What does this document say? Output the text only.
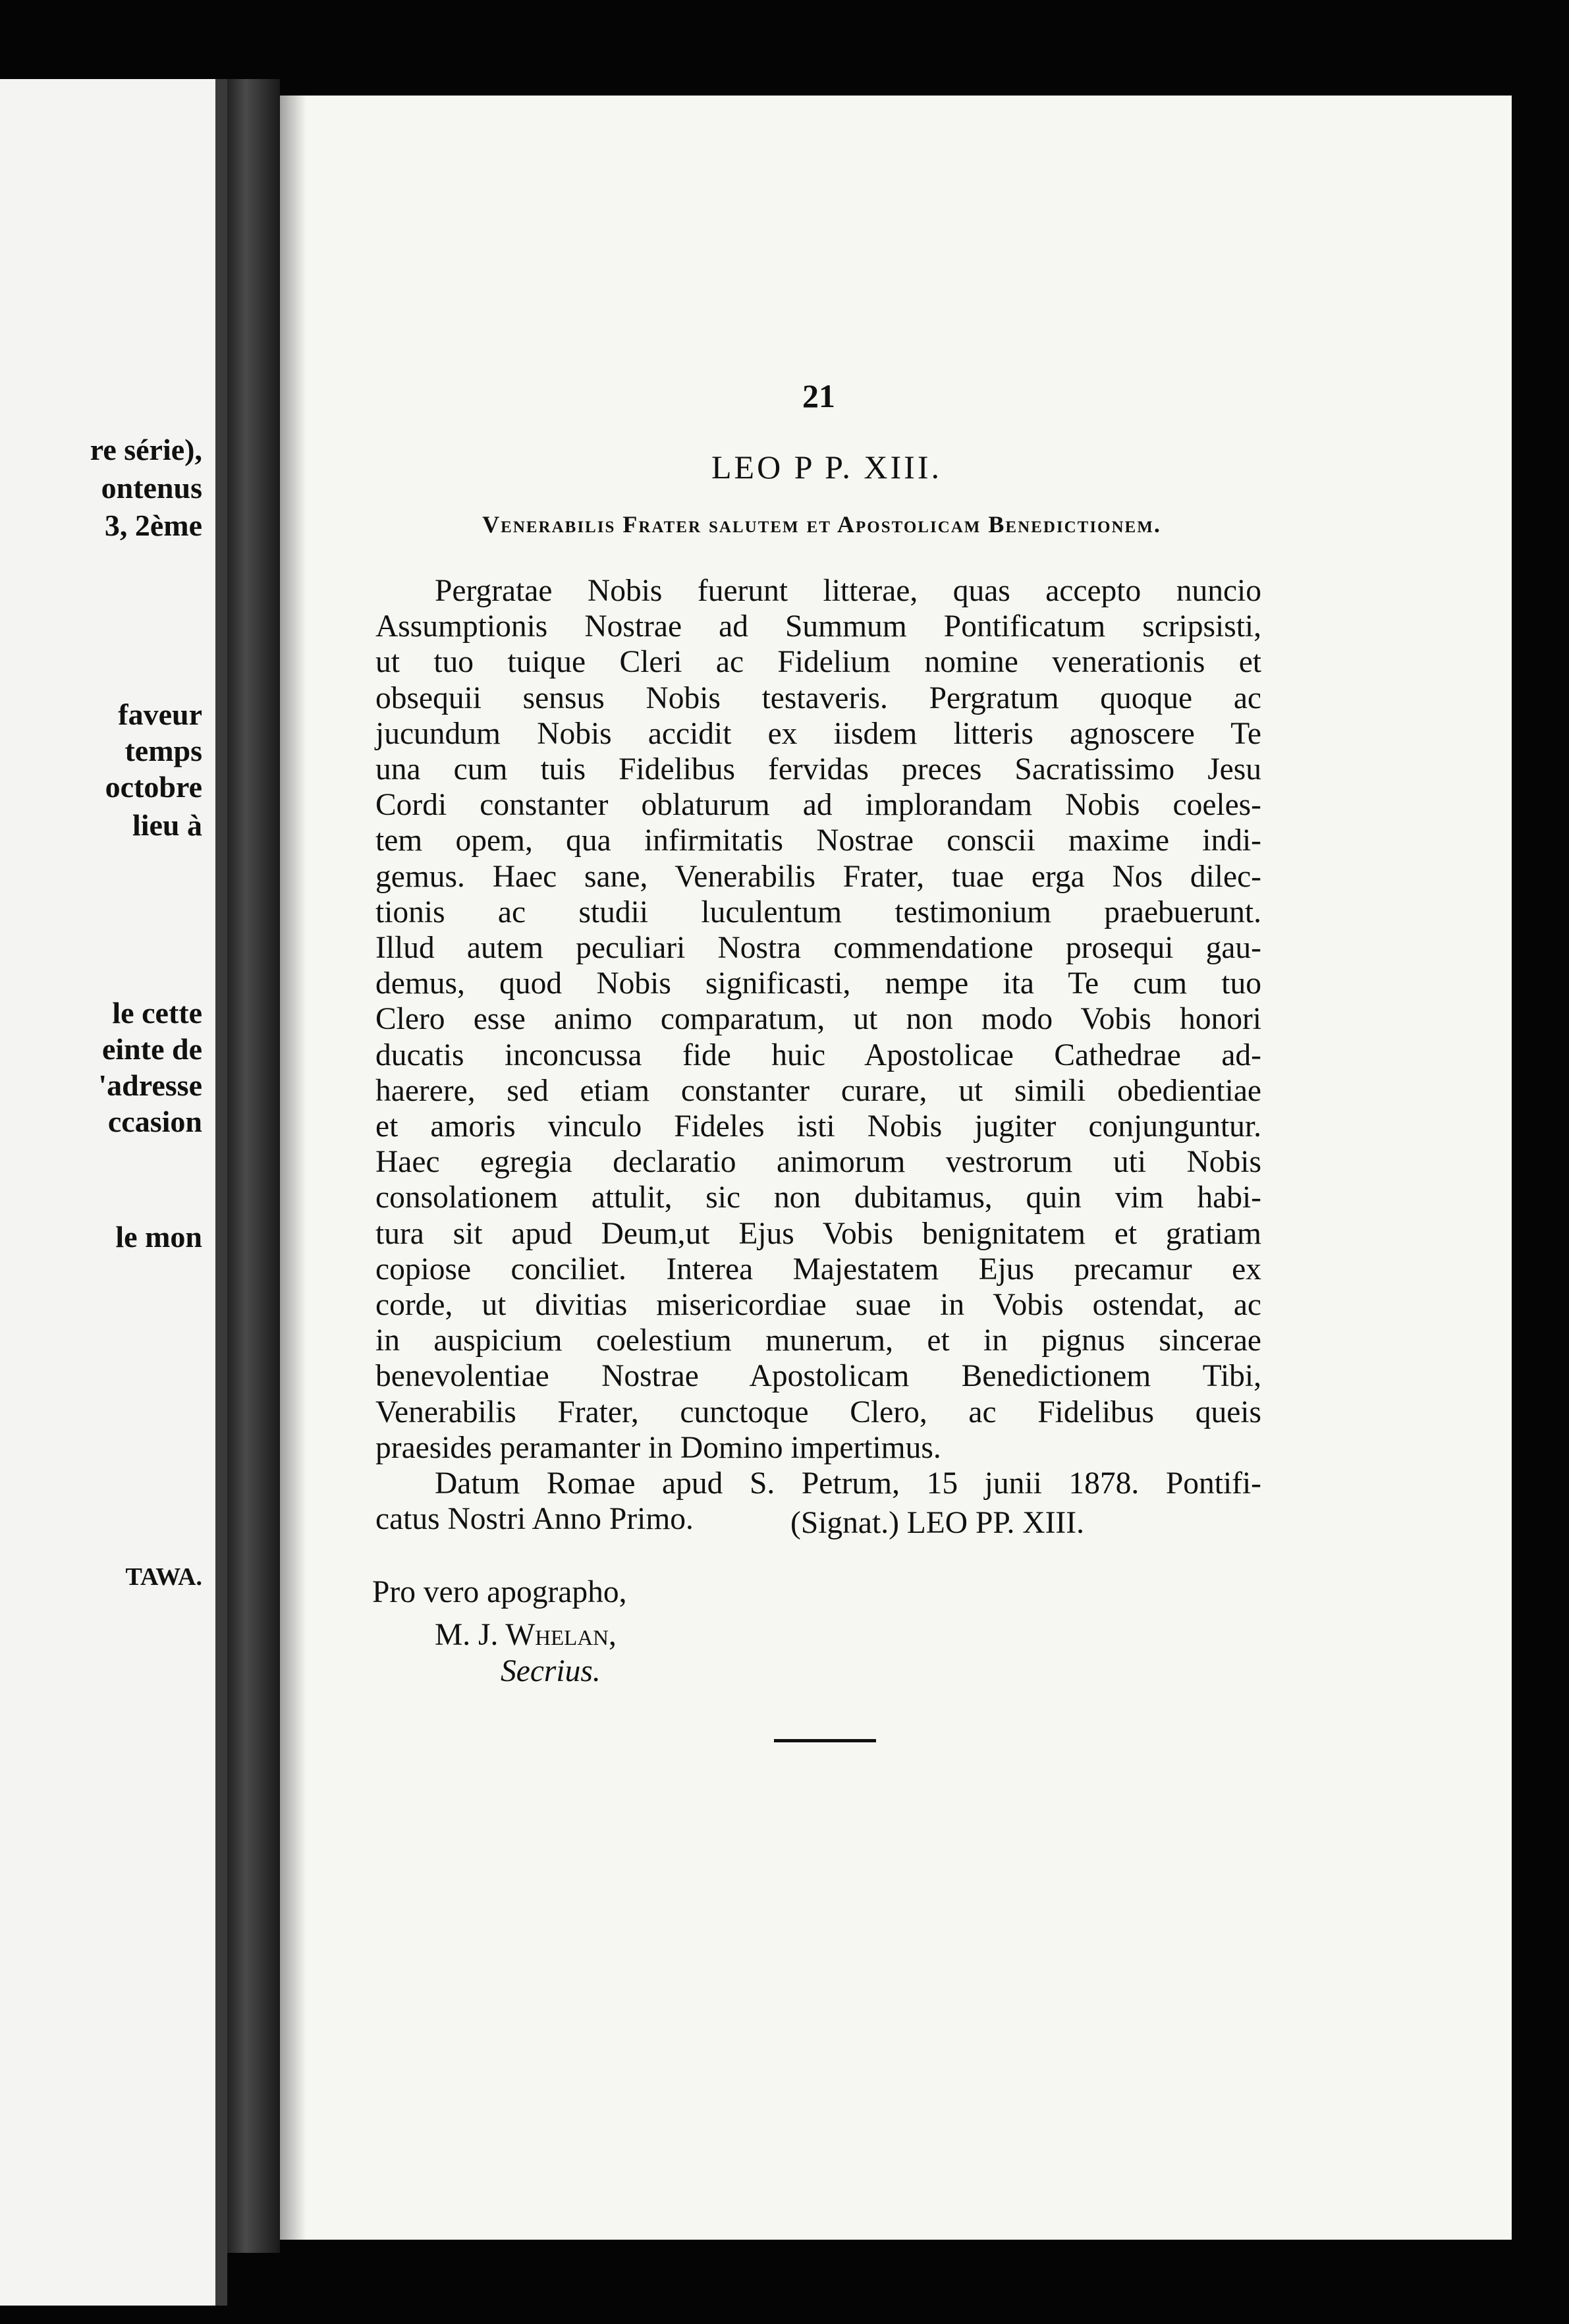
re série),
ontenus
3, 2ème
faveur
temps
octobre
lieu à
le cette
einte de
'adresse
ccasion
le mon
TAWA.
21
LEO P P. XIII.
Venerabilis Frater salutem et Apostolicam Benedictionem.
Pergratae Nobis fuerunt litterae, quas accepto nuncio
Assumptionis Nostrae ad Summum Pontificatum scripsisti,
ut tuo tuique Cleri ac Fidelium nomine venerationis et
obsequii sensus Nobis testaveris. Pergratum quoque ac
jucundum Nobis accidit ex iisdem litteris agnoscere Te
una cum tuis Fidelibus fervidas preces Sacratissimo Jesu
Cordi constanter oblaturum ad implorandam Nobis coeles-
tem opem, qua infirmitatis Nostrae conscii maxime indi-
gemus. Haec sane, Venerabilis Frater, tuae erga Nos dilec-
tionis ac studii luculentum testimonium praebuerunt.
Illud autem peculiari Nostra commendatione prosequi gau-
demus, quod Nobis significasti, nempe ita Te cum tuo
Clero esse animo comparatum, ut non modo Vobis honori
ducatis inconcussa fide huic Apostolicae Cathedrae ad-
haerere, sed etiam constanter curare, ut simili obedientiae
et amoris vinculo Fideles isti Nobis jugiter conjunguntur.
Haec egregia declaratio animorum vestrorum uti Nobis
consolationem attulit, sic non dubitamus, quin vim habi-
tura sit apud Deum,ut Ejus Vobis benignitatem et gratiam
copiose conciliet. Interea Majestatem Ejus precamur ex
corde, ut divitias misericordiae suae in Vobis ostendat, ac
in auspicium coelestium munerum, et in pignus sincerae
benevolentiae Nostrae Apostolicam Benedictionem Tibi,
Venerabilis Frater, cunctoque Clero, ac Fidelibus queis
praesides peramanter in Domino impertimus.
Datum Romae apud S. Petrum, 15 junii 1878. Pontifi-
catus Nostri Anno Primo.	(Signat.) LEO PP. XIII.
Pro vero apographo,
M. J. Whelan,
Secrius.
